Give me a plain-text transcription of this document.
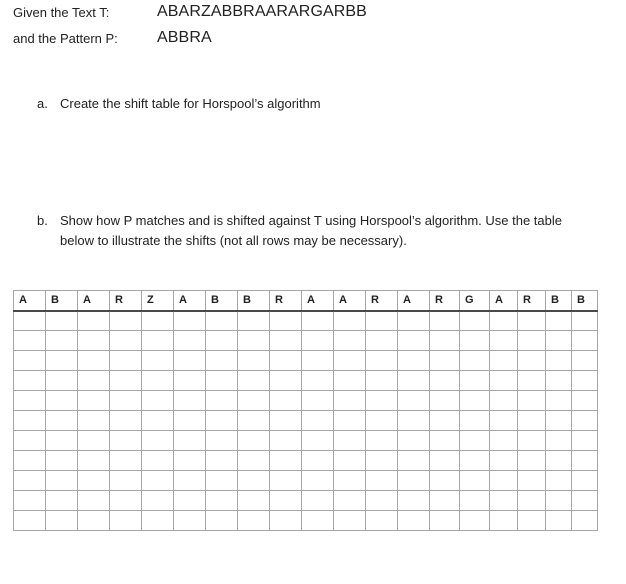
Given the Text T:	ABARZABBRAARARGARBB
and the Pattern P: ABBRA
a. Create the shift table for Horspool’s algorithm
b. Show how P matches and is shifted against T using Horspool’s algorithm. Use the table below to illustrate the shifts (not all rows may be necessary).
A	B	A	R	Z	A	B	B	R	A	A	R	A	R	G	A	R	B	B
